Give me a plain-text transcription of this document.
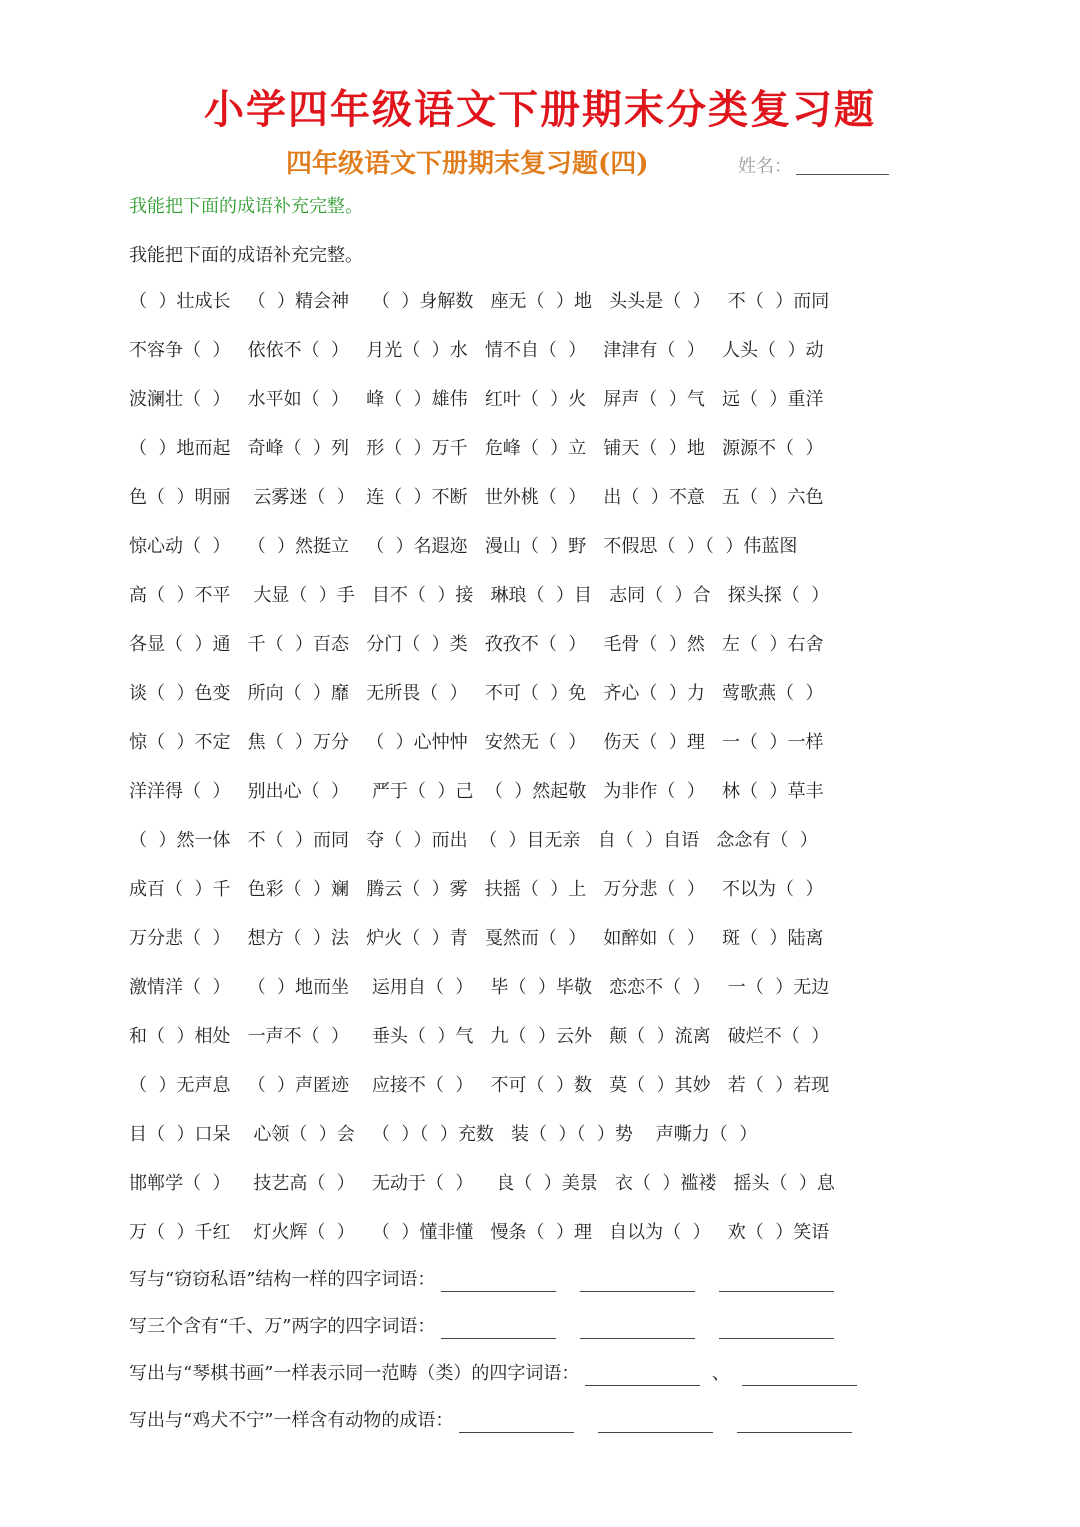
小学四年级语文下册期末分类复习题
四年级语文下册期末复习题(四)	姓名：
我能把下面的成语补充完整。
我能把下面的成语补充完整。
（  ）壮成长   （  ）精会神    （  ）身解数   座无（  ）地   头头是（  ）   不（  ）而同
不容争（  ）   依依不（  ）   月光（  ）水   情不自（  ）   津津有（  ）   人头（  ）动
波澜壮（  ）   水平如（  ）   峰（  ）雄伟   红叶（  ）火   屏声（  ）气   远（  ）重洋
（  ）地而起   奇峰（  ）列   形（  ）万千   危峰（  ）立   铺天（  ）地   源源不（  ）
色（  ）明丽    云雾迷（  ）  连（  ）不断   世外桃（  ）   出（  ）不意   五（  ）六色
惊心动（  ）   （  ）然挺立   （  ）名遐迩   漫山（  ）野   不假思（  ）（  ）伟蓝图
高（  ）不平    大显（  ）手   目不（  ）接   琳琅（  ）目   志同（  ）合   探头探（  ）
各显（  ）通   千（  ）百态   分门（  ）类   孜孜不（  ）   毛骨（  ）然   左（  ）右舍
谈（  ）色变   所向（  ）靡   无所畏（  ）   不可（  ）免   齐心（  ）力   莺歌燕（  ）
惊（  ）不定   焦（  ）万分   （  ）心忡忡   安然无（  ）   伤天（  ）理   一（  ）一样
洋洋得（  ）   别出心（  ）    严于（  ）己  （  ）然起敬   为非作（  ）   林（  ）草丰
（  ）然一体   不（  ）而同   夺（  ）而出  （  ）目无亲   自（  ）自语   念念有（  ）
成百（  ）千   色彩（  ）斓   腾云（  ）雾   扶摇（  ）上   万分悲（  ）   不以为（  ）
万分悲（  ）   想方（  ）法   炉火（  ）青   戛然而（  ）   如醉如（  ）   斑（  ）陆离
激情洋（  ）   （  ）地而坐    运用自（  ）   毕（  ）毕敬   恋恋不（  ）   一（  ）无边
和（  ）相处   一声不（  ）    垂头（  ）气   九（  ）云外   颠（  ）流离   破烂不（  ）
（  ）无声息   （  ）声匿迹    应接不（  ）   不可（  ）数   莫（  ）其妙   若（  ）若现
目（  ）口呆    心领（  ）会   （  ）（  ）充数   装（  ）（  ）势    声嘶力（  ）
邯郸学（  ）    技艺高（  ）   无动于（  ）    良（  ）美景   衣（  ）褴褛   摇头（  ）息
万（  ）千红    灯火辉（  ）   （  ）懂非懂   慢条（  ）理   自以为（  ）   欢（  ）笑语
写与“窃窃私语”结构一样的四字词语：
写三个含有“千、万”两字的四字词语：
写出与“琴棋书画”一样表示同一范畴（类）的四字词语：	、
写出与“鸡犬不宁”一样含有动物的成语：
